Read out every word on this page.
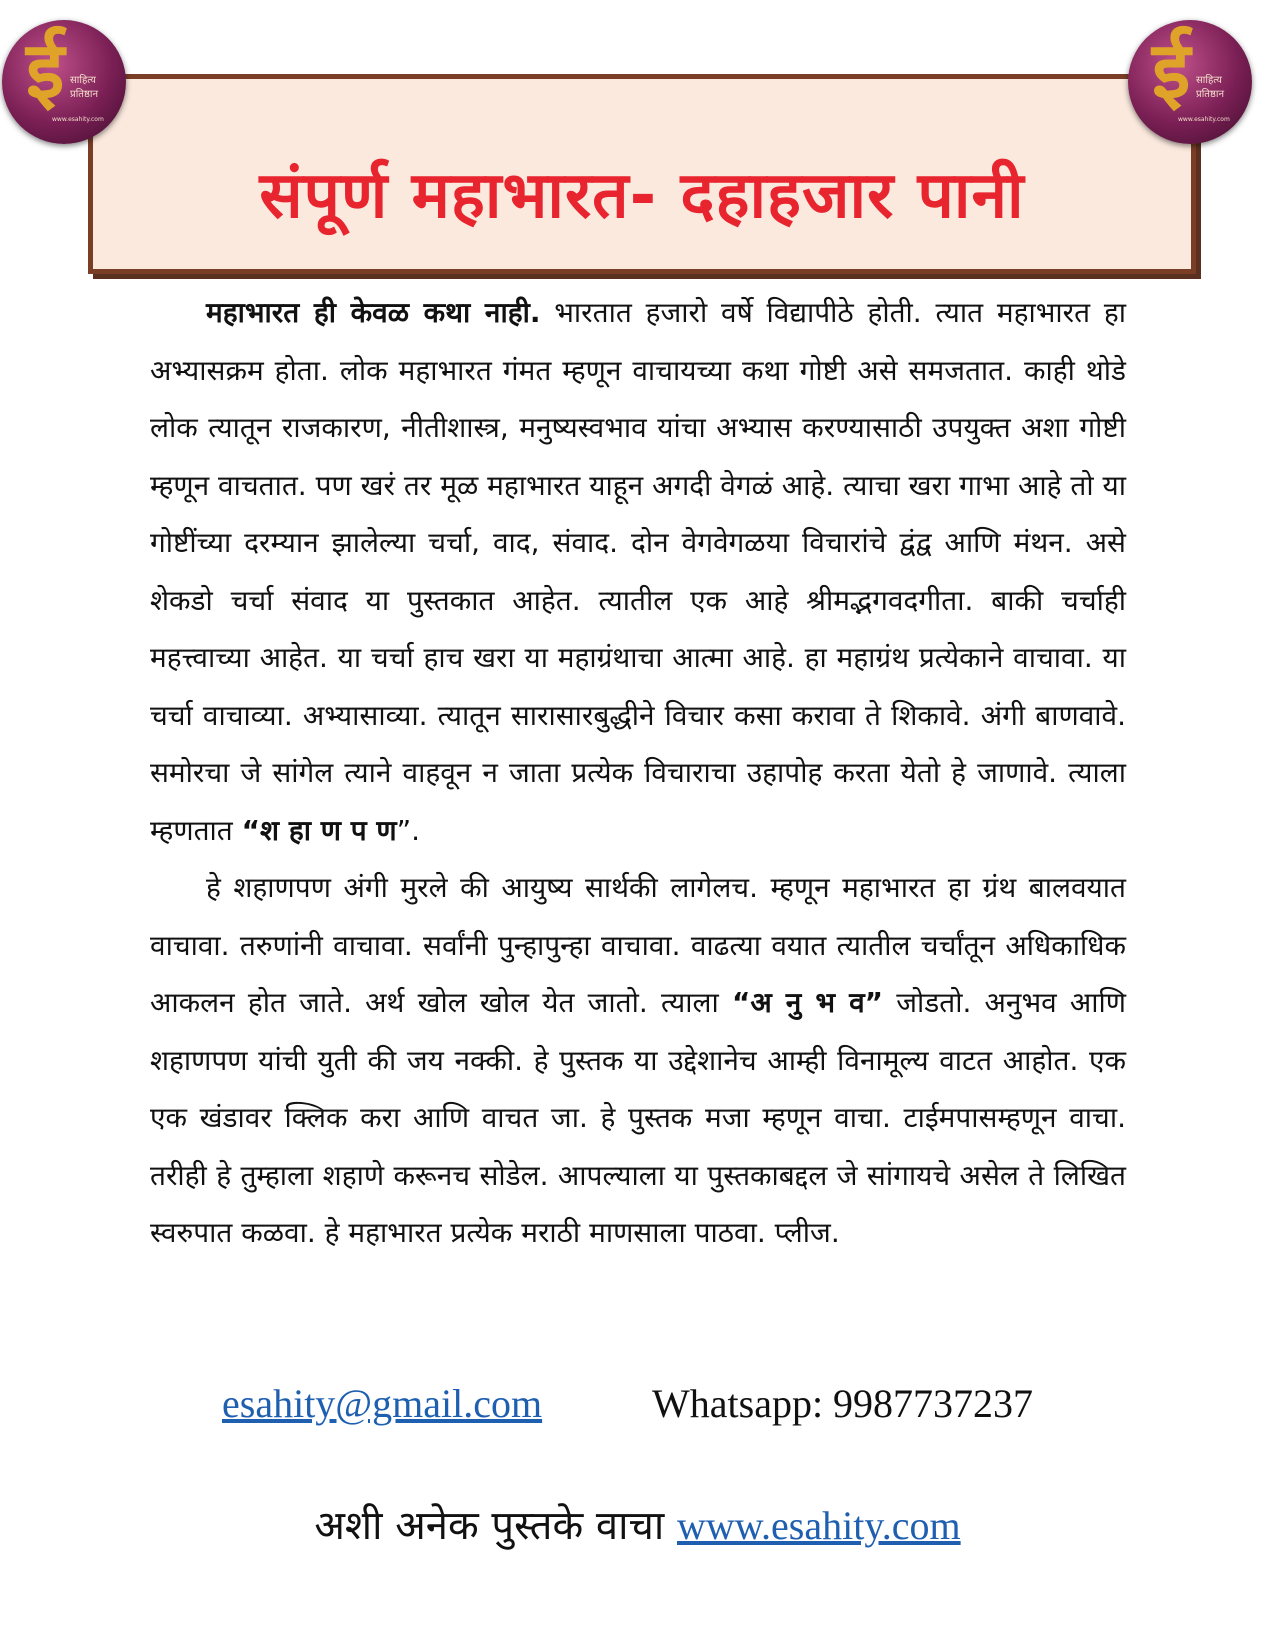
ई साहित्य
प्रतिष्ठान
www.esahity.com
ई साहित्य
प्रतिष्ठान
www.esahity.com
संपूर्ण महाभारत- दहाहजार पानी

महाभारत ही केवळ कथा नाही. भारतात हजारो वर्षे विद्यापीठे होती. त्यात महाभारत हा अभ्यासक्रम होता. लोक महाभारत गंमत म्हणून वाचायच्या कथा गोष्टी असे समजतात. काही थोडे लोक त्यातून राजकारण, नीतीशास्त्र, मनुष्यस्वभाव यांचा अभ्यास करण्यासाठी उपयुक्त अशा गोष्टी म्हणून वाचतात. पण खरं तर मूळ महाभारत याहून अगदी वेगळं आहे. त्याचा खरा गाभा आहे तो या गोष्टींच्या दरम्यान झालेल्या चर्चा, वाद, संवाद. दोन वेगवेगळया विचारांचे द्वंद्व आणि मंथन. असे शेकडो चर्चा संवाद या पुस्तकात आहेत. त्यातील एक आहे श्रीमद्भगवदगीता. बाकी चर्चाही महत्त्वाच्या आहेत. या चर्चा हाच खरा या महाग्रंथाचा आत्मा आहे. हा महाग्रंथ प्रत्येकाने वाचावा. या चर्चा वाचाव्या. अभ्यासाव्या. त्यातून सारासारबुद्धीने विचार कसा करावा ते शिकावे. अंगी बाणवावे. समोरचा जे सांगेल त्याने वाहवून न जाता प्रत्येक विचाराचा उहापोह करता येतो हे जाणावे. त्याला म्हणतात “श हा ण प ण”.

हे शहाणपण अंगी मुरले की आयुष्य सार्थकी लागेलच. म्हणून महाभारत हा ग्रंथ बालवयात वाचावा. तरुणांनी वाचावा. सर्वांनी पुन्हापुन्हा वाचावा. वाढत्या वयात त्यातील चर्चांतून अधिकाधिक आकलन होत जाते. अर्थ खोल खोल येत जातो. त्याला “अ नु भ व” जोडतो. अनुभव आणि शहाणपण यांची युती की जय नक्की. हे पुस्तक या उद्देशानेच आम्ही विनामूल्य वाटत आहोत. एक एक खंडावर क्लिक करा आणि वाचत जा. हे पुस्तक मजा म्हणून वाचा. टाईमपासम्हणून वाचा. तरीही हे तुम्हाला शहाणे करूनच सोडेल. आपल्याला या पुस्तकाबद्दल जे सांगायचे असेल ते लिखित स्वरुपात कळवा. हे महाभारत प्रत्येक मराठी माणसाला पाठवा. प्लीज.

esahity@gmail.com	Whatsapp: 9987737237
अशी अनेक पुस्तके वाचा www.esahity.com
